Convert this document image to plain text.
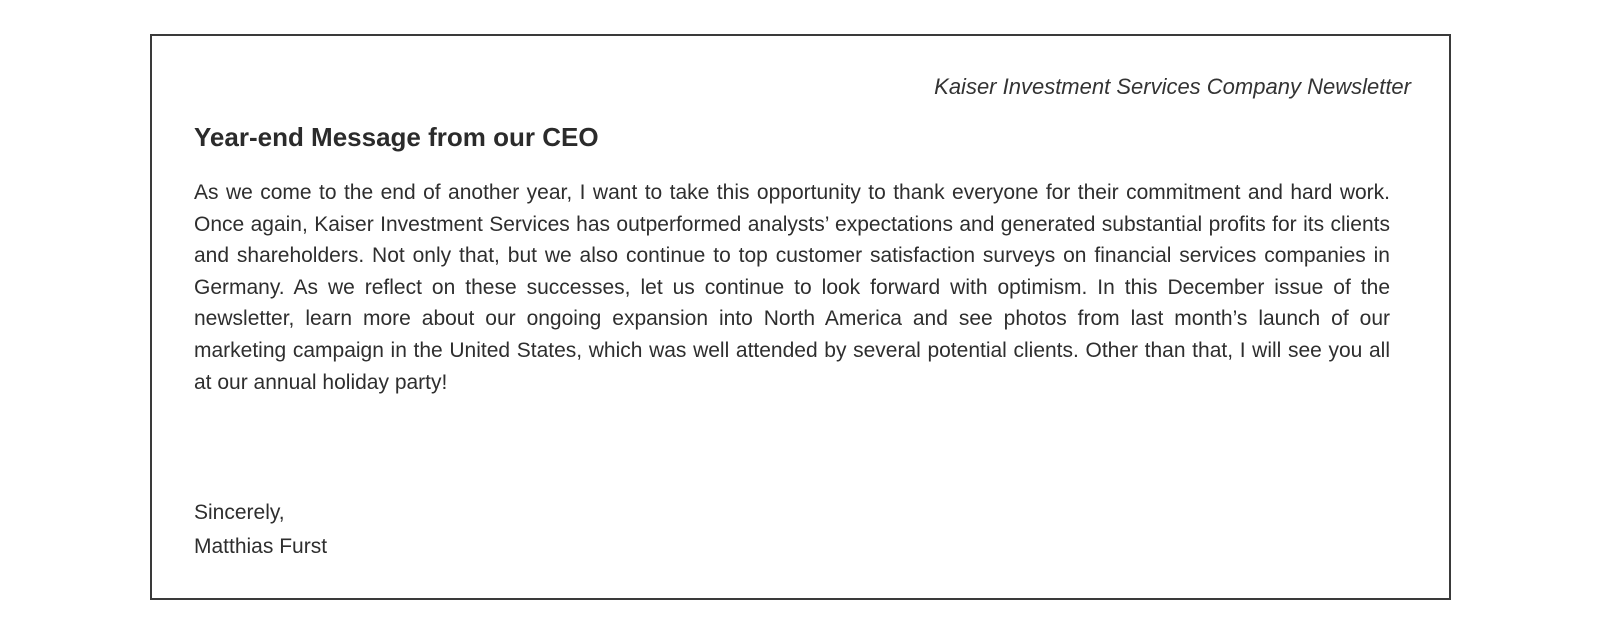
Kaiser Investment Services Company Newsletter
Year-end Message from our CEO

As we come to the end of another year, I want to take this opportunity to thank everyone for their commitment and hard work. Once again, Kaiser Investment Services has outperformed analysts’ expectations and generated substantial profits for its clients and shareholders. Not only that, but we also continue to top customer satisfaction surveys on financial services companies in Germany. As we reflect on these successes, let us continue to look forward with optimism. In this December issue of the newsletter, learn more about our ongoing expansion into North America and see photos from last month’s launch of our marketing campaign in the United States, which was well attended by several potential clients. Other than that, I will see you all at our annual holiday party!

Sincerely,
Matthias Furst
